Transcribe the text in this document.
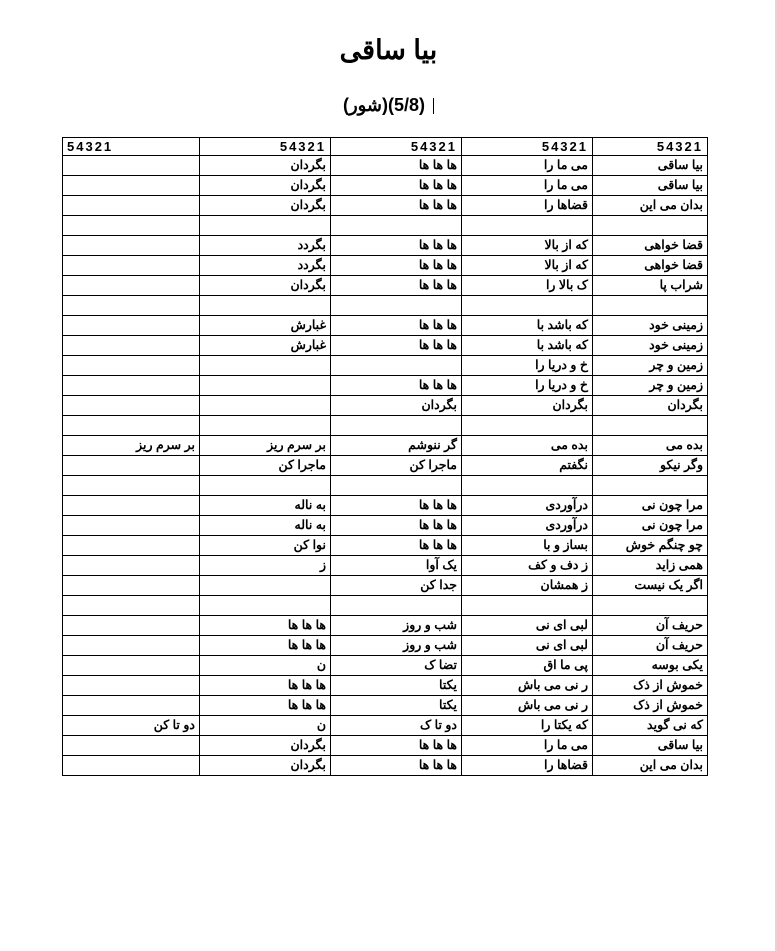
بیا ساقی
(شور)(5/8)
54321	54321	54321	54321	54321
بیا ساقی	می ما را	ها ها ها	بگردان	
بیا ساقی	می ما را	ها ها ها	بگردان	
بدان می این	قضاها را	ها ها ها	بگردان	

قضا خواهی	که از بالا	ها ها ها	بگردد	
قضا خواهی	که از بالا	ها ها ها	بگردد	
شراب پا	ک بالا را	ها ها ها	بگردان	

زمینی خود	که باشد با	ها ها ها	غبارش	
زمینی خود	که باشد با	ها ها ها	غبارش	
زمین و چر	خ و دریا را			
زمین و چر	خ و دریا را	ها ها ها		
بگردان	بگردان	بگردان		

بده می	بده می	گر ننوشم	بر سرم ریز	بر سرم ریز
وگر نیکو	نگفتم	ماجرا کن	ماجرا کن	

مرا چون نی	درآوردی	ها ها ها	به ناله	
مرا چون نی	درآوردی	ها ها ها	به ناله	
چو چنگم خوش	بساز و با	ها ها ها	نوا کن	
همی زاید	ز دف و کف	یک آوا	ز	
اگر یک نیست	ز همشان	جدا کن		

حریف آن	لبی ای نی	شب و روز	ها ها ها	
حریف آن	لبی ای نی	شب و روز	ها ها ها	
یکی بوسه	پی ما اق	تضا ک	ن	
خموش از ذک	ر نی می باش	یکتا	ها ها ها	
خموش از ذک	ر نی می باش	یکتا	ها ها ها	
که نی گوید	که یکتا را	دو تا ک	ن	دو تا کن
بیا ساقی	می ما را	ها ها ها	بگردان	
بدان می این	قضاها را	ها ها ها	بگردان	
